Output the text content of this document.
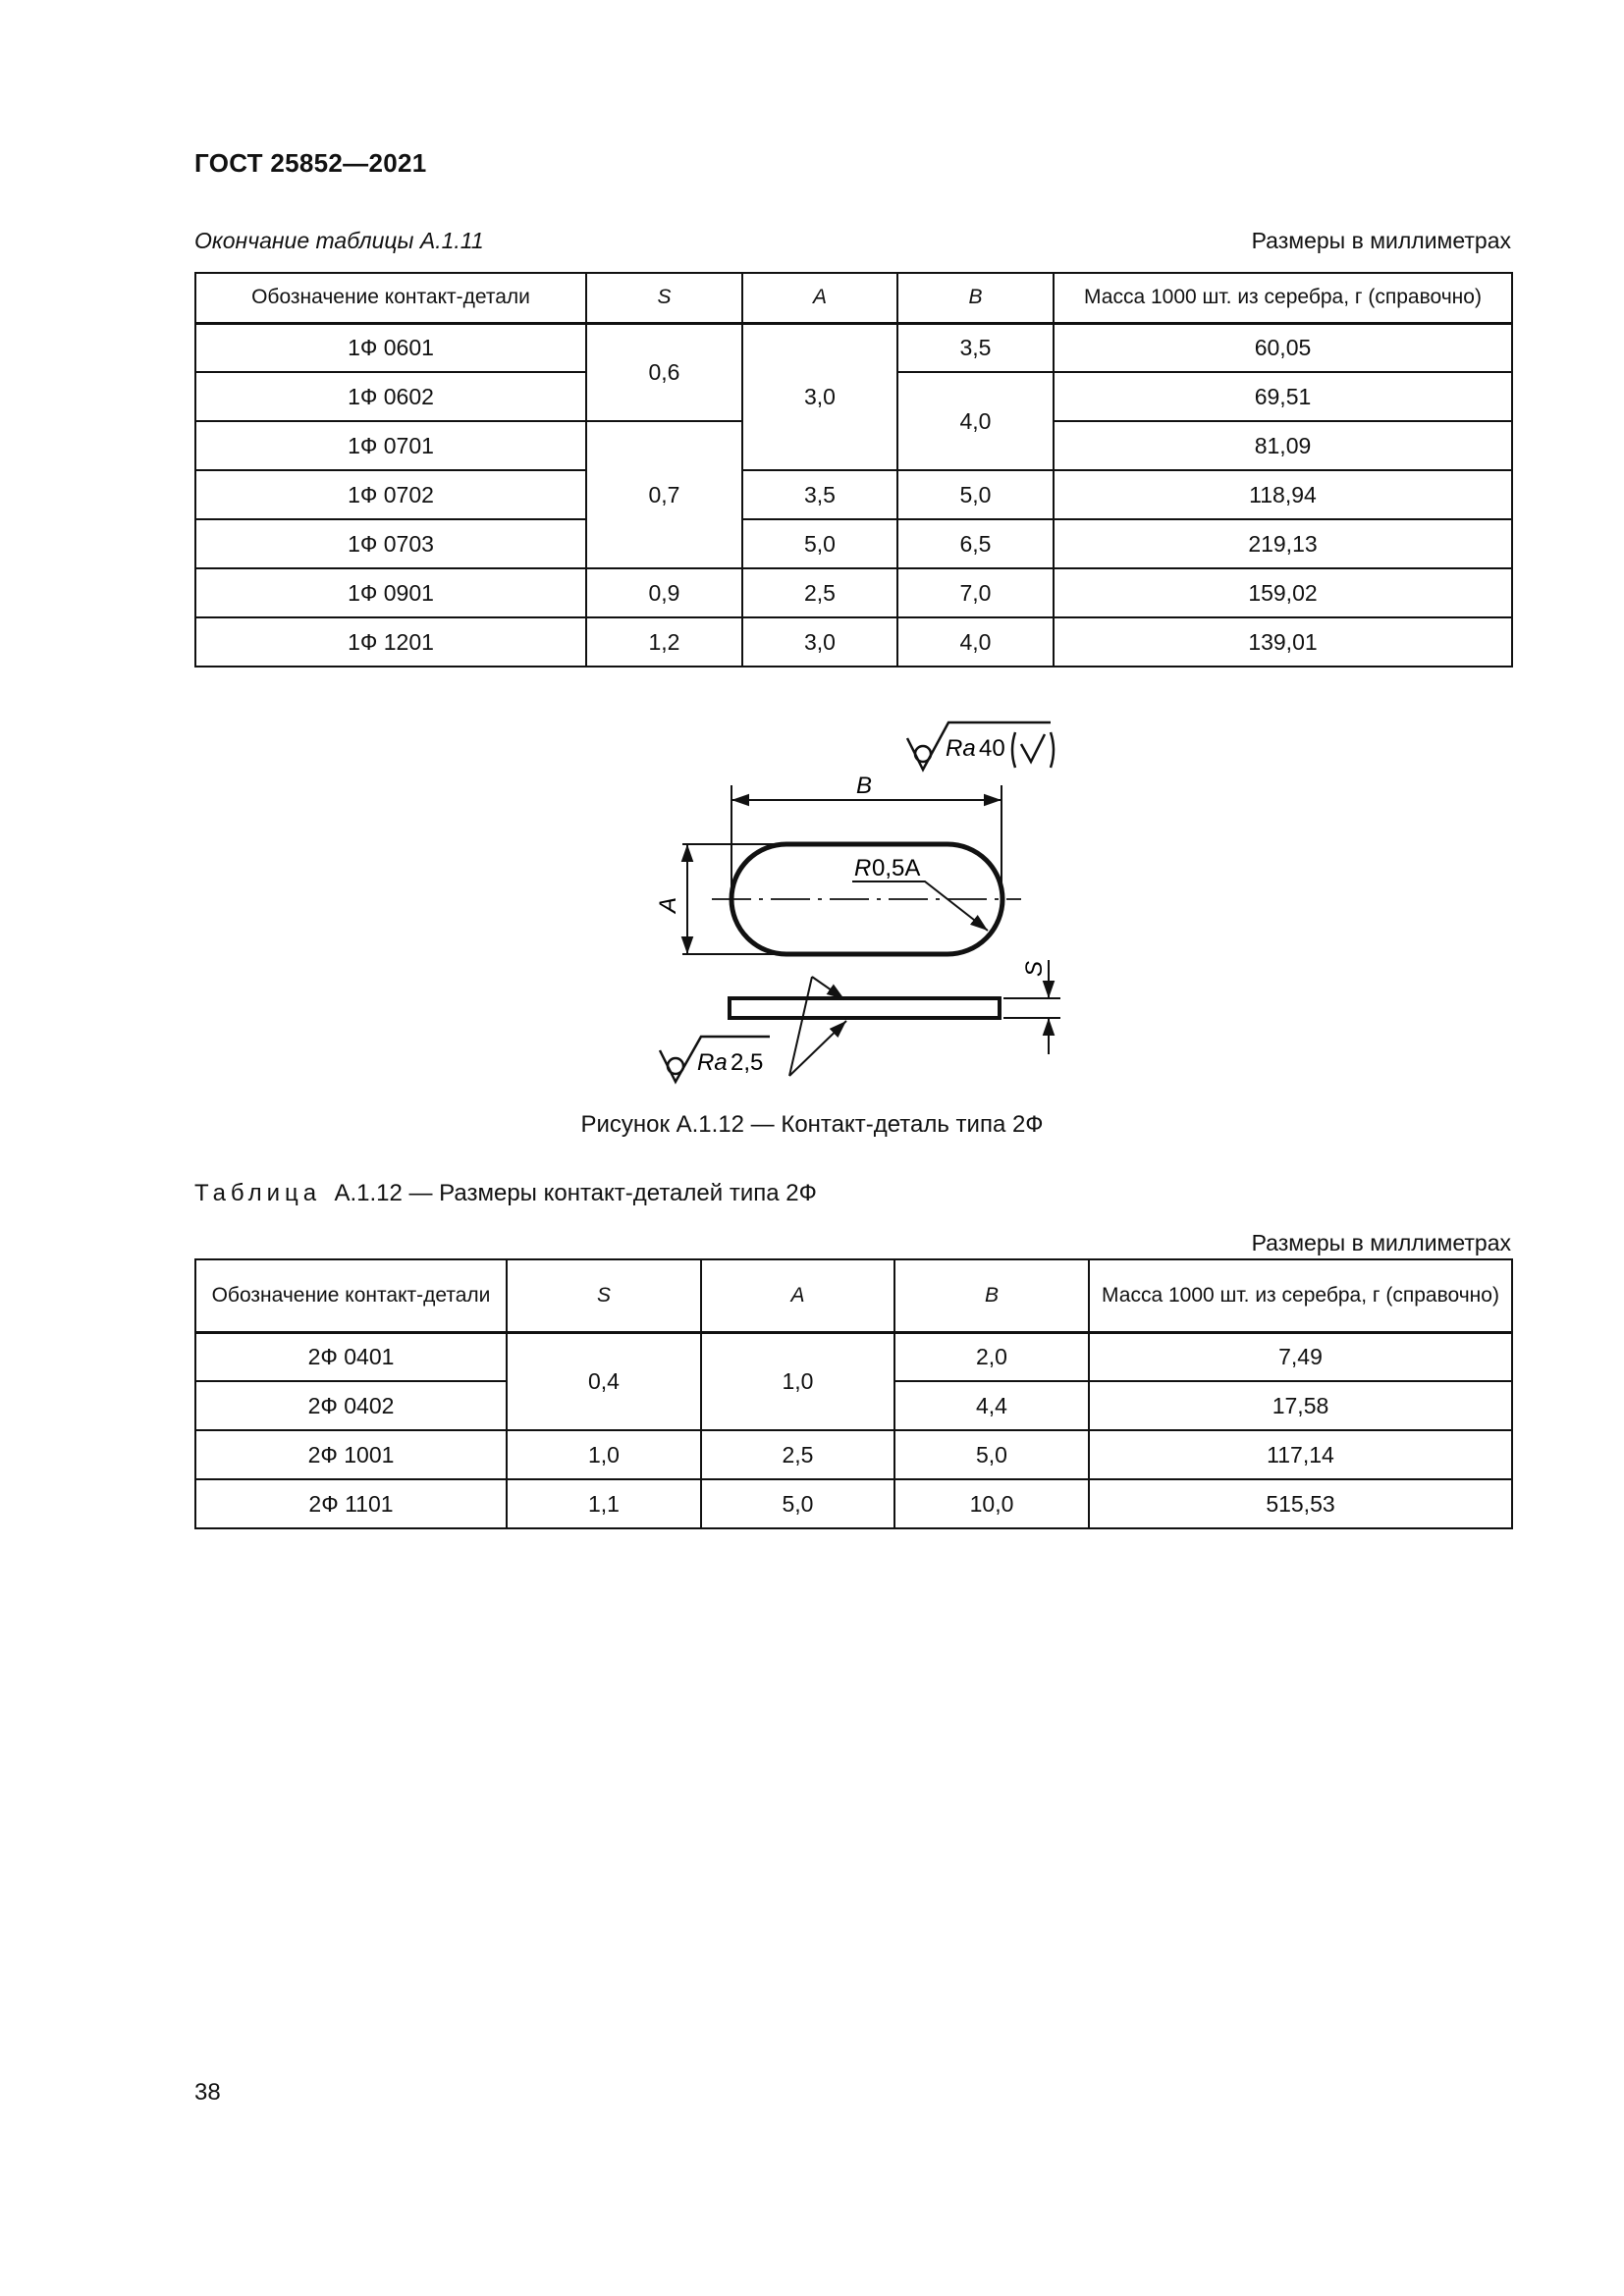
ГОСТ 25852—2021
Окончание таблицы А.1.11	Размеры в миллиметрах
Обозначение контакт-детали	S	A	B	Масса 1000 шт. из серебра, г (справочно)
1Ф 0601	0,6	3,0	3,5	60,05
1Ф 0602			4,0	69,51
1Ф 0701	0,7			81,09
1Ф 0702		3,5	5,0	118,94
1Ф 0703		5,0	6,5	219,13
1Ф 0901	0,9	2,5	7,0	159,02
1Ф 1201	1,2	3,0	4,0	139,01
Ra 40
B
A
R 0,5A
S
Ra 2,5
Рисунок А.1.12 — Контакт-деталь типа 2Ф
Таблица А.1.12 — Размеры контакт-деталей типа 2Ф
Размеры в миллиметрах
Обозначение контакт-детали	S	A	B	Масса 1000 шт. из серебра, г (справочно)
2Ф 0401	0,4	1,0	2,0	7,49
2Ф 0402			4,4	17,58
2Ф 1001	1,0	2,5	5,0	117,14
2Ф 1101	1,1	5,0	10,0	515,53
38
